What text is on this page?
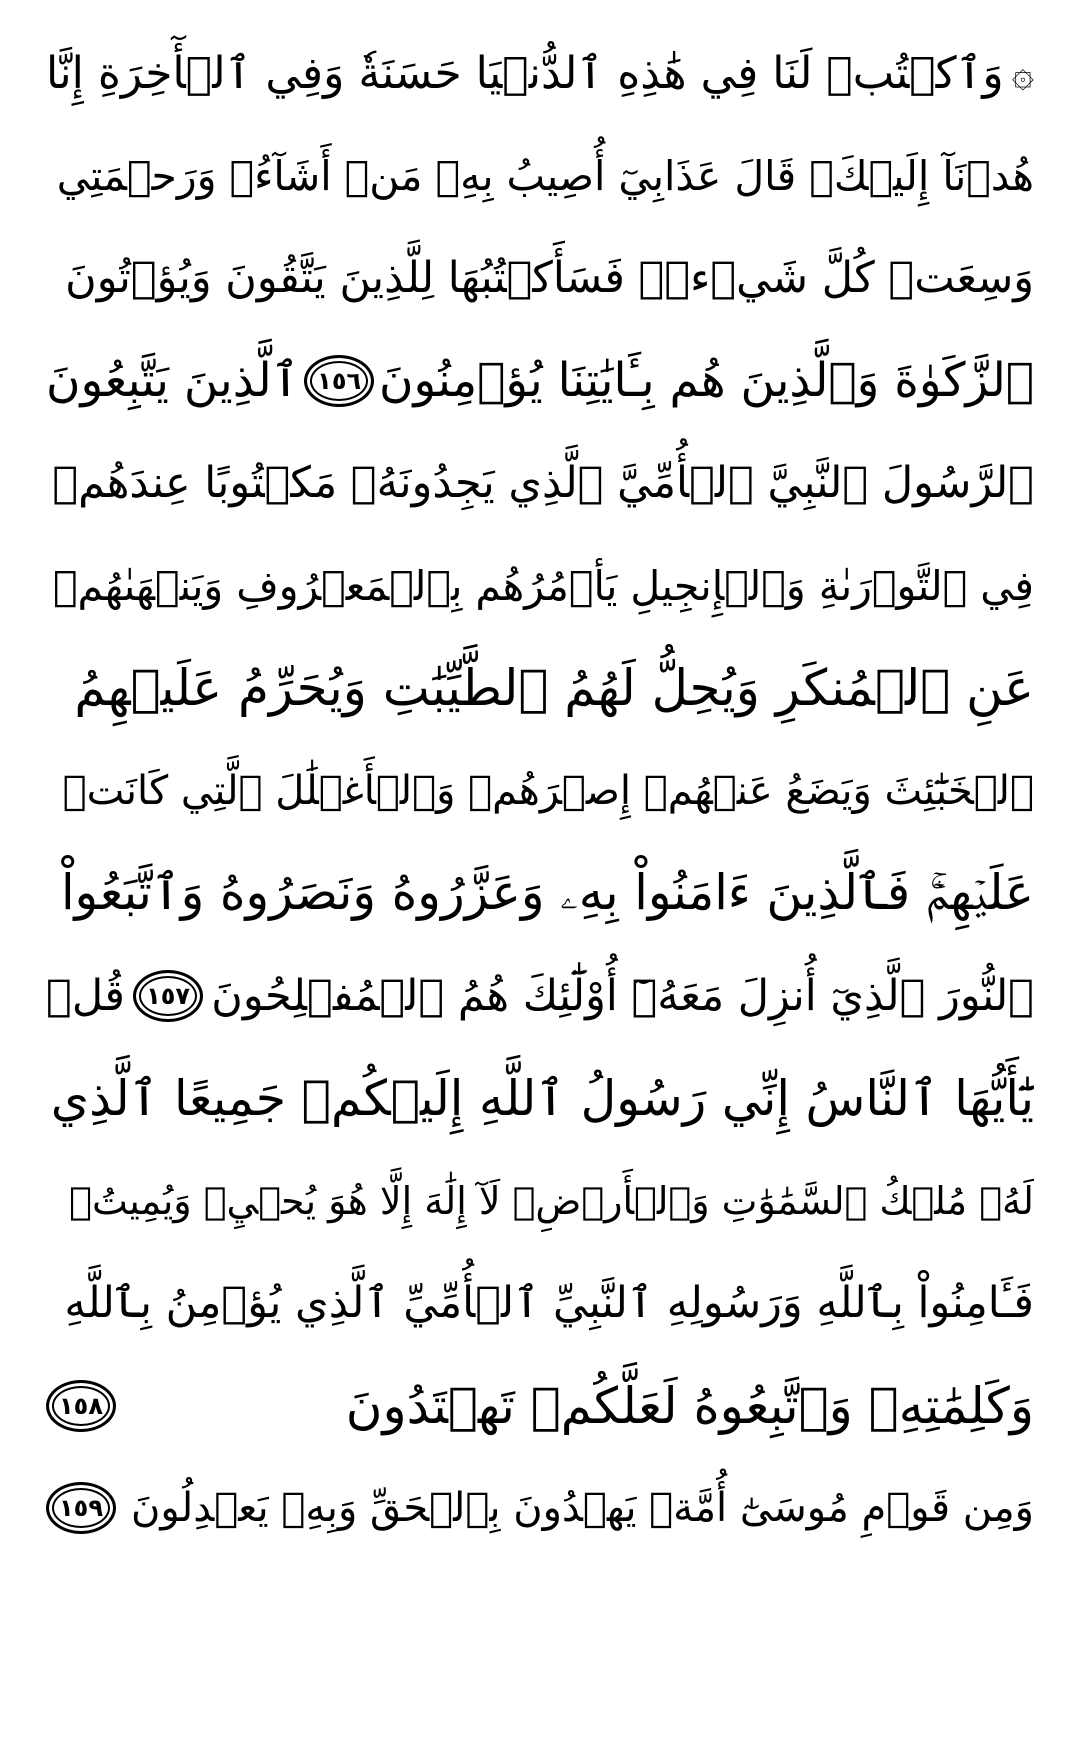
۞
وَٱكۡتُبۡ لَنَا فِي هَٰذِهِ ٱلدُّنۡيَا حَسَنَةٗ وَفِي ٱلۡأٓخِرَةِ إِنَّا
هُدۡنَآ إِلَيۡكَۚ قَالَ عَذَابِيٓ أُصِيبُ بِهِۦ مَنۡ أَشَآءُۖ وَرَحۡمَتِي
وَسِعَتۡ كُلَّ شَيۡءٖۚ فَسَأَكۡتُبُهَا لِلَّذِينَ يَتَّقُونَ وَيُؤۡتُونَ
ٱلزَّكَوٰةَ وَٱلَّذِينَ هُم بِـَٔايَٰتِنَا يُؤۡمِنُونَ
١٥٦
ٱلَّذِينَ يَتَّبِعُونَ
ٱلرَّسُولَ ٱلنَّبِيَّ ٱلۡأُمِّيَّ ٱلَّذِي يَجِدُونَهُۥ مَكۡتُوبًا عِندَهُمۡ
فِي ٱلتَّوۡرَىٰةِ وَٱلۡإِنجِيلِ يَأۡمُرُهُم بِٱلۡمَعۡرُوفِ وَيَنۡهَىٰهُمۡ
عَنِ ٱلۡمُنكَرِ وَيُحِلُّ لَهُمُ ٱلطَّيِّبَٰتِ وَيُحَرِّمُ عَلَيۡهِمُ
ٱلۡخَبَٰٓئِثَ وَيَضَعُ عَنۡهُمۡ إِصۡرَهُمۡ وَٱلۡأَغۡلَٰلَ ٱلَّتِي كَانَتۡ
عَلَيۡهِمۡۚ فَٱلَّذِينَ ءَامَنُواْ بِهِۦ وَعَزَّرُوهُ وَنَصَرُوهُ وَٱتَّبَعُواْ
ٱلنُّورَ ٱلَّذِيٓ أُنزِلَ مَعَهُۥٓ أُوْلَٰٓئِكَ هُمُ ٱلۡمُفۡلِحُونَ
١٥٧
قُلۡ
يَٰٓأَيُّهَا ٱلنَّاسُ إِنِّي رَسُولُ ٱللَّهِ إِلَيۡكُمۡ جَمِيعًا ٱلَّذِي
لَهُۥ مُلۡكُ ٱلسَّمَٰوَٰتِ وَٱلۡأَرۡضِۖ لَآ إِلَٰهَ إِلَّا هُوَ يُحۡيِۦ وَيُمِيتُۖ
فَـَٔامِنُواْ بِٱللَّهِ وَرَسُولِهِ ٱلنَّبِيِّ ٱلۡأُمِّيِّ ٱلَّذِي يُؤۡمِنُ بِٱللَّهِ
وَكَلِمَٰتِهِۦ وَٱتَّبِعُوهُ لَعَلَّكُمۡ تَهۡتَدُونَ
١٥٨
وَمِن قَوۡمِ مُوسَىٰٓ أُمَّةٞ يَهۡدُونَ بِٱلۡحَقِّ وَبِهِۦ يَعۡدِلُونَ
١٥٩
